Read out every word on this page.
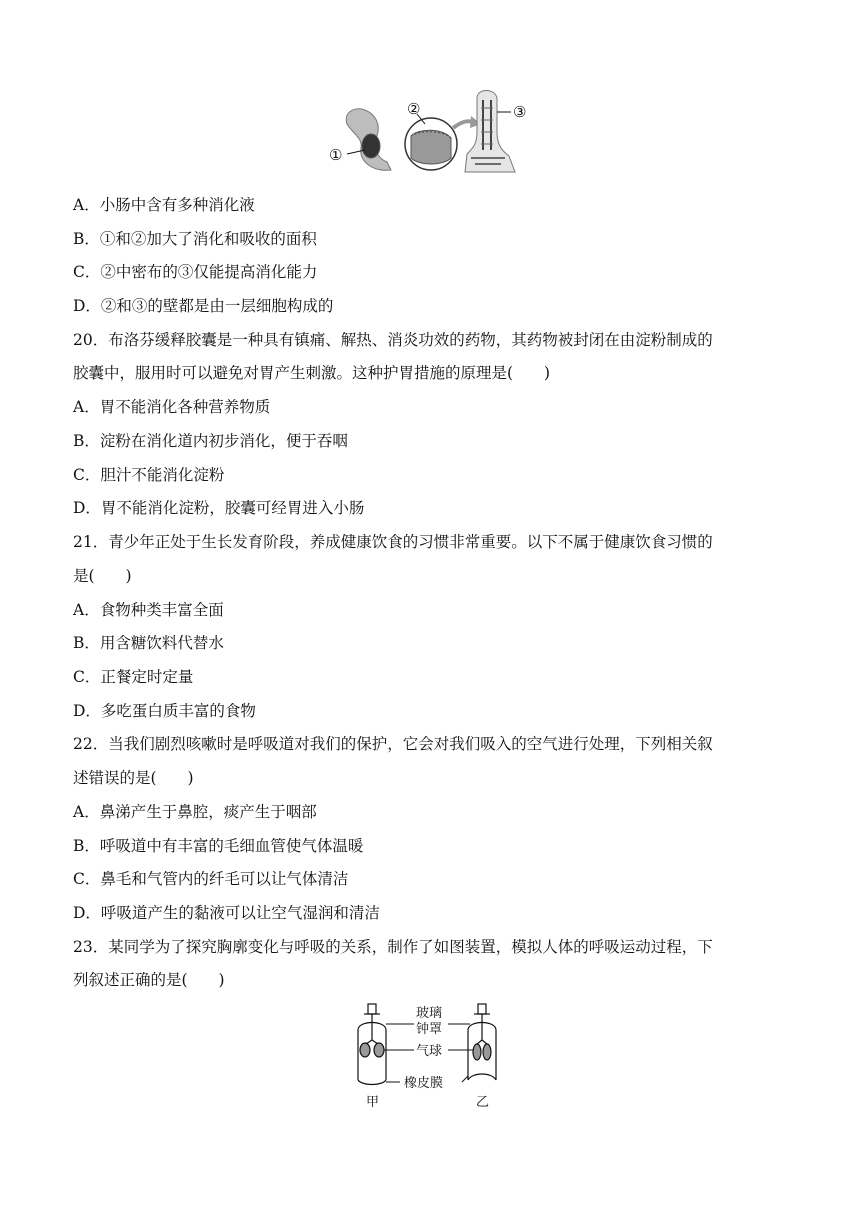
①
②	③
A．小肠中含有多种消化液
B．①和②加大了消化和吸收的面积
C．②中密布的③仅能提高消化能力
D．②和③的壁都是由一层细胞构成的
20．布洛芬缓释胶囊是一种具有镇痛、解热、消炎功效的药物，其药物被封闭在由淀粉制成的
胶囊中，服用时可以避免对胃产生刺激。这种护胃措施的原理是(　　)
A．胃不能消化各种营养物质
B．淀粉在消化道内初步消化，便于吞咽
C．胆汁不能消化淀粉
D．胃不能消化淀粉，胶囊可经胃进入小肠
21．青少年正处于生长发育阶段，养成健康饮食的习惯非常重要。以下不属于健康饮食习惯的
是(　　)
A．食物种类丰富全面
B．用含糖饮料代替水
C．正餐定时定量
D．多吃蛋白质丰富的食物
22．当我们剧烈咳嗽时是呼吸道对我们的保护，它会对我们吸入的空气进行处理，下列相关叙
述错误的是(　　)
A．鼻涕产生于鼻腔，痰产生于咽部
B．呼吸道中有丰富的毛细血管使气体温暖
C．鼻毛和气管内的纤毛可以让气体清洁
D．呼吸道产生的黏液可以让空气湿润和清洁
23．某同学为了探究胸廓变化与呼吸的关系，制作了如图装置，模拟人体的呼吸运动过程，下
列叙述正确的是(　　)
玻璃
钟罩
气球
橡皮膜
甲	乙
